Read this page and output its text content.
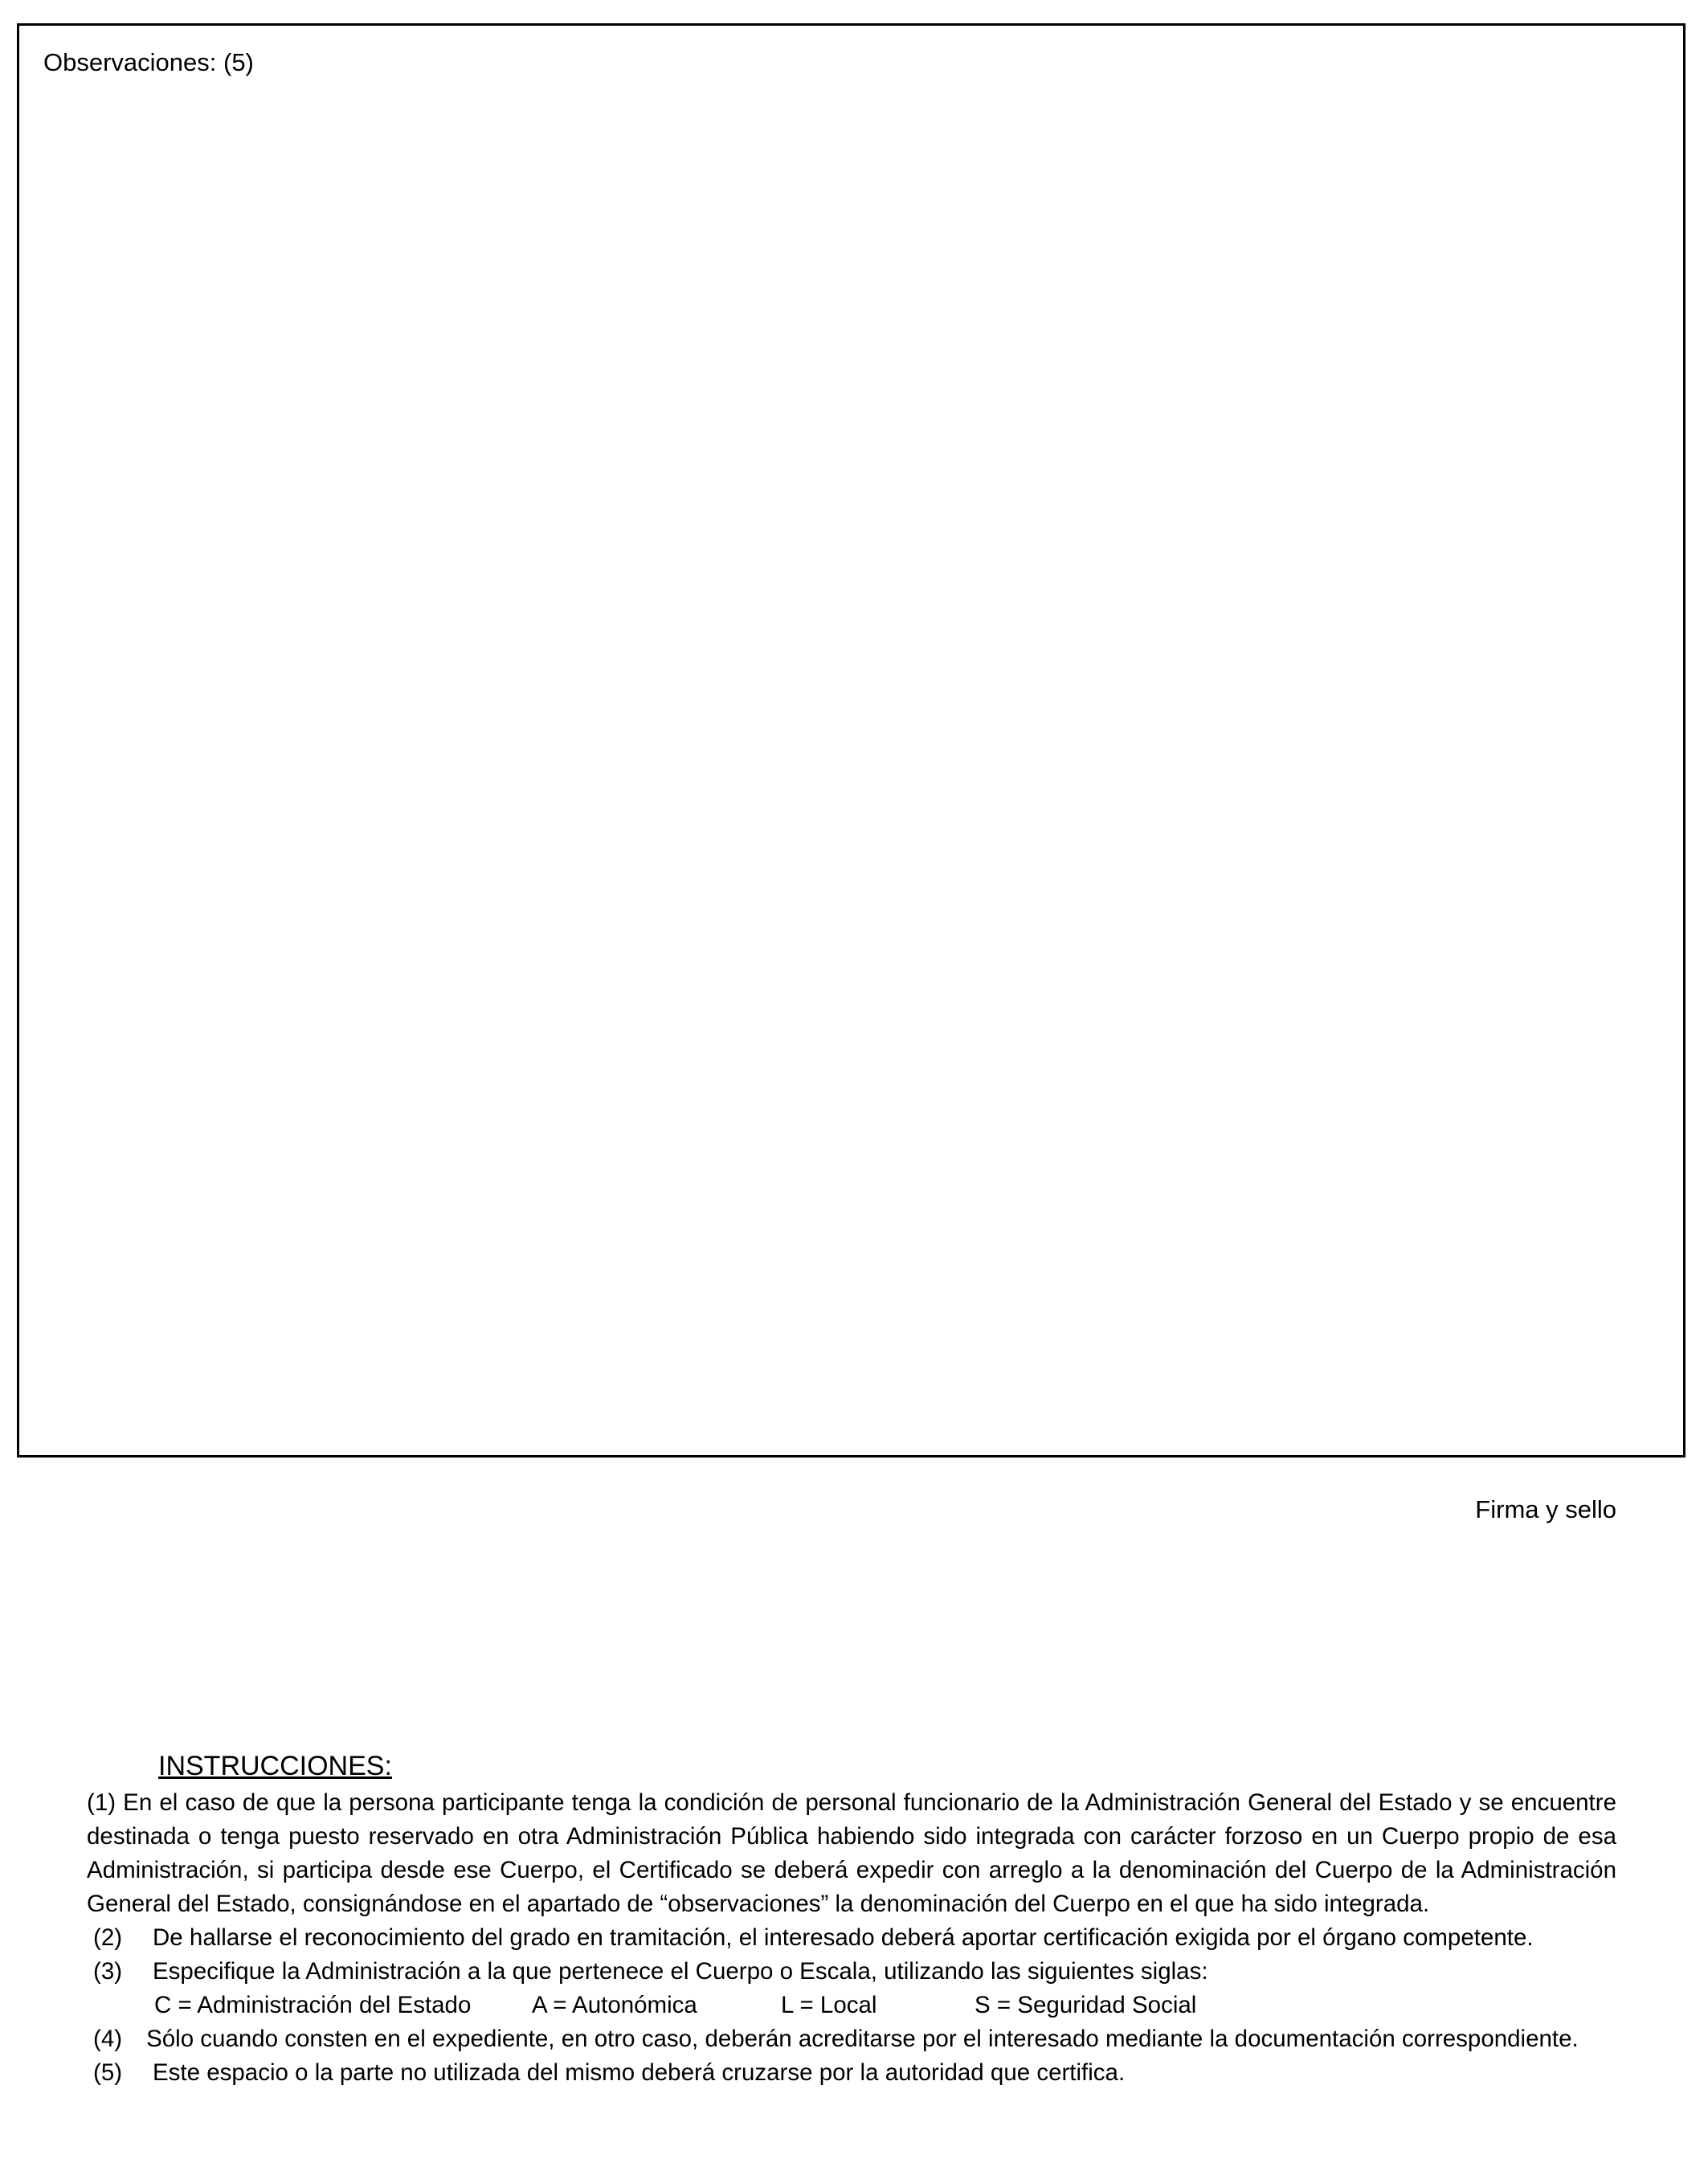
Observaciones: (5)
Firma y sello
INSTRUCCIONES:

(1) En el caso de que la persona participante tenga la condición de personal funcionario de la Administración General del Estado y se encuentre destinada o tenga puesto reservado en otra Administración Pública habiendo sido integrada con carácter forzoso en un Cuerpo propio de esa Administración, si participa desde ese Cuerpo, el Certificado se deberá expedir con arreglo a la denominación del Cuerpo de la Administración General del Estado, consignándose en el apartado de “observaciones” la denominación del Cuerpo en el que ha sido integrada.

(2) De hallarse el reconocimiento del grado en tramitación, el interesado deberá aportar certificación exigida por el órgano competente.

(3) Especifique la Administración a la que pertenece el Cuerpo o Escala, utilizando las siguientes siglas:

C = Administración del Estado	A = Autonómica	L = Local	S = Seguridad Social

(4) Sólo cuando consten en el expediente, en otro caso, deberán acreditarse por el interesado mediante la documentación correspondiente.

(5) Este espacio o la parte no utilizada del mismo deberá cruzarse por la autoridad que certifica.
